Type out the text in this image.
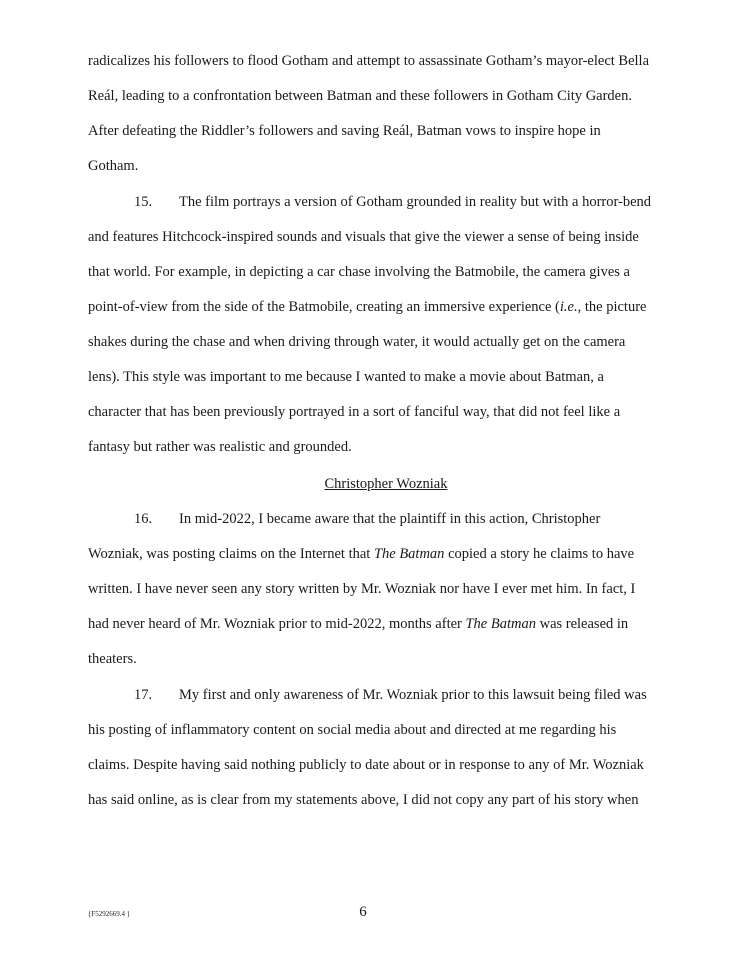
radicalizes his followers to flood Gotham and attempt to assassinate Gotham’s mayor-elect Bella
Reál, leading to a confrontation between Batman and these followers in Gotham City Garden.
After defeating the Riddler’s followers and saving Reál, Batman vows to inspire hope in
Gotham.
15. The film portrays a version of Gotham grounded in reality but with a horror-bend
and features Hitchcock-inspired sounds and visuals that give the viewer a sense of being inside
that world. For example, in depicting a car chase involving the Batmobile, the camera gives a
point-of-view from the side of the Batmobile, creating an immersive experience (i.e., the picture
shakes during the chase and when driving through water, it would actually get on the camera
lens). This style was important to me because I wanted to make a movie about Batman, a
character that has been previously portrayed in a sort of fanciful way, that did not feel like a
fantasy but rather was realistic and grounded.
Christopher Wozniak
16. In mid-2022, I became aware that the plaintiff in this action, Christopher
Wozniak, was posting claims on the Internet that The Batman copied a story he claims to have
written. I have never seen any story written by Mr. Wozniak nor have I ever met him. In fact, I
had never heard of Mr. Wozniak prior to mid-2022, months after The Batman was released in
theaters.
17. My first and only awareness of Mr. Wozniak prior to this lawsuit being filed was
his posting of inflammatory content on social media about and directed at me regarding his
claims. Despite having said nothing publicly to date about or in response to any of Mr. Wozniak
has said online, as is clear from my statements above, I did not copy any part of his story when
{F5292669.4 }	6
